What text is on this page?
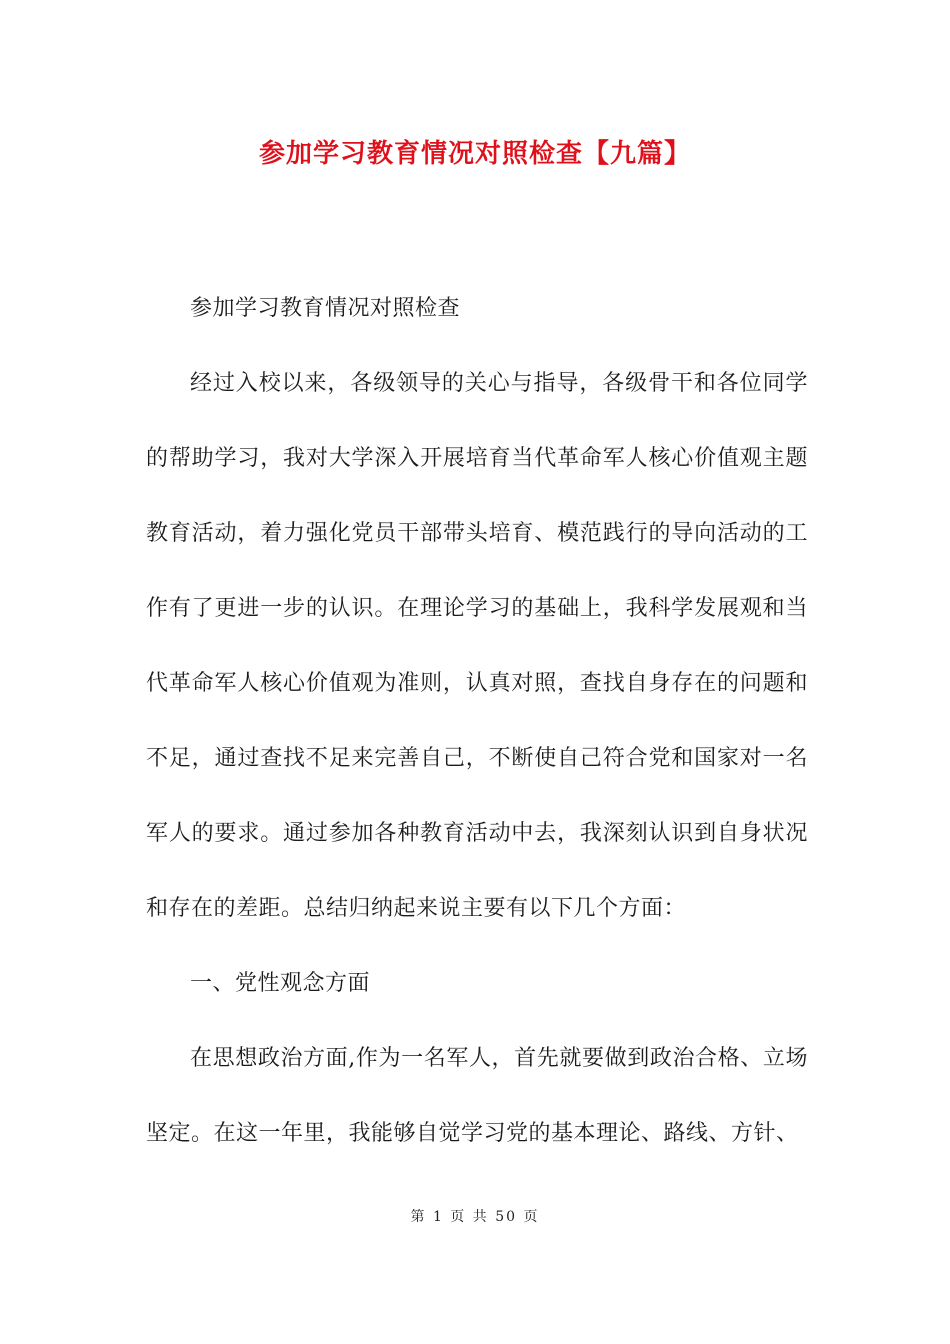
参加学习教育情况对照检查【九篇】

参加学习教育情况对照检查

经过入校以来，各级领导的关心与指导，各级骨干和各位同学的帮助学习，我对大学深入开展培育当代革命军人核心价值观主题教育活动，着力强化党员干部带头培育、模范践行的导向活动的工作有了更进一步的认识。在理论学习的基础上，我科学发展观和当代革命军人核心价值观为准则，认真对照，查找自身存在的问题和不足，通过查找不足来完善自己，不断使自己符合党和国家对一名军人的要求。通过参加各种教育活动中去，我深刻认识到自身状况和存在的差距。总结归纳起来说主要有以下几个方面：

一、党性观念方面

在思想政治方面,作为一名军人，首先就要做到政治合格、立场坚定。在这一年里，我能够自觉学习党的基本理论、路线、方针、

第 1 页 共 50 页
